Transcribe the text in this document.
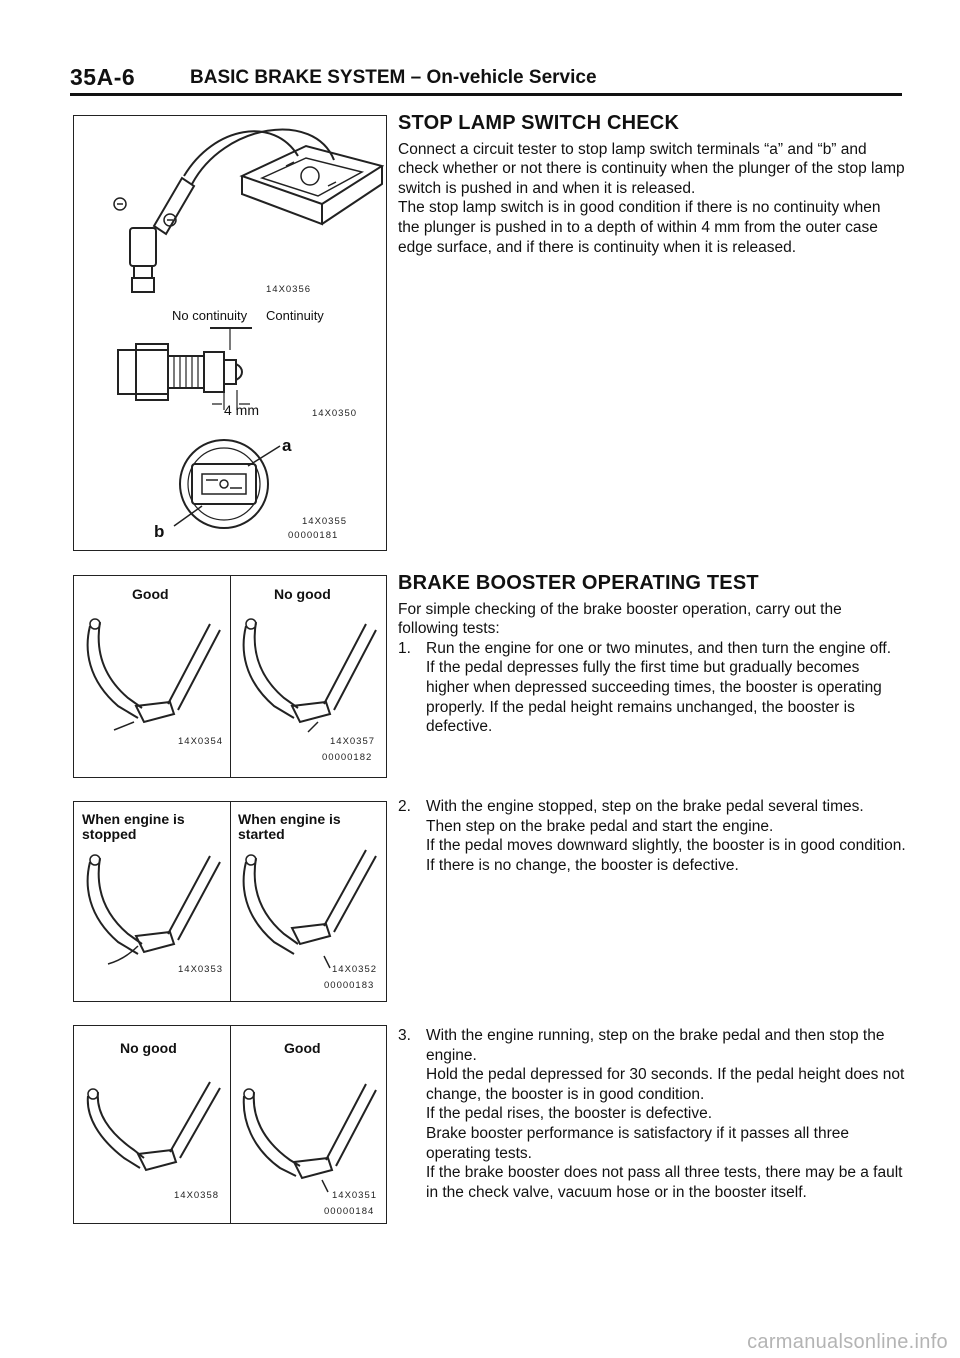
35A-6	BASIC BRAKE SYSTEM – On-vehicle Service
14X0356
No continuity Continuity
4 mm	14X0350
a
b
14X0355
00000181
Good	No good
14X0354	14X0357
00000182
When engine is stopped
When engine is started
14X0353	14X0352
00000183
No good	Good
14X0358	14X0351
00000184
STOP LAMP SWITCH CHECK

Connect a circuit tester to stop lamp switch terminals “a” and “b” and check whether or not there is continuity when the plunger of the stop lamp switch is pushed in and when it is released.

The stop lamp switch is in good condition if there is no continuity when the plunger is pushed in to a depth of within 4 mm from the outer case edge surface, and if there is continuity when it is released.

BRAKE BOOSTER OPERATING TEST

For simple checking of the brake booster operation, carry out the following tests:

1. Run the engine for one or two minutes, and then turn the engine off.
If the pedal depresses fully the first time but gradually becomes higher when depressed succeeding times, the booster is operating properly. If the pedal height remains unchanged, the booster is defective.
2. With the engine stopped, step on the brake pedal several times.
Then step on the brake pedal and start the engine.
If the pedal moves downward slightly, the booster is in good condition. If there is no change, the booster is defective.
3. With the engine running, step on the brake pedal and then stop the engine.
Hold the pedal depressed for 30 seconds. If the pedal height does not change, the booster is in good condition.
If the pedal rises, the booster is defective.
Brake booster performance is satisfactory if it passes all three operating tests.
If the brake booster does not pass all three tests, there may be a fault in the check valve, vacuum hose or in the booster itself.
carmanualsonline.info
